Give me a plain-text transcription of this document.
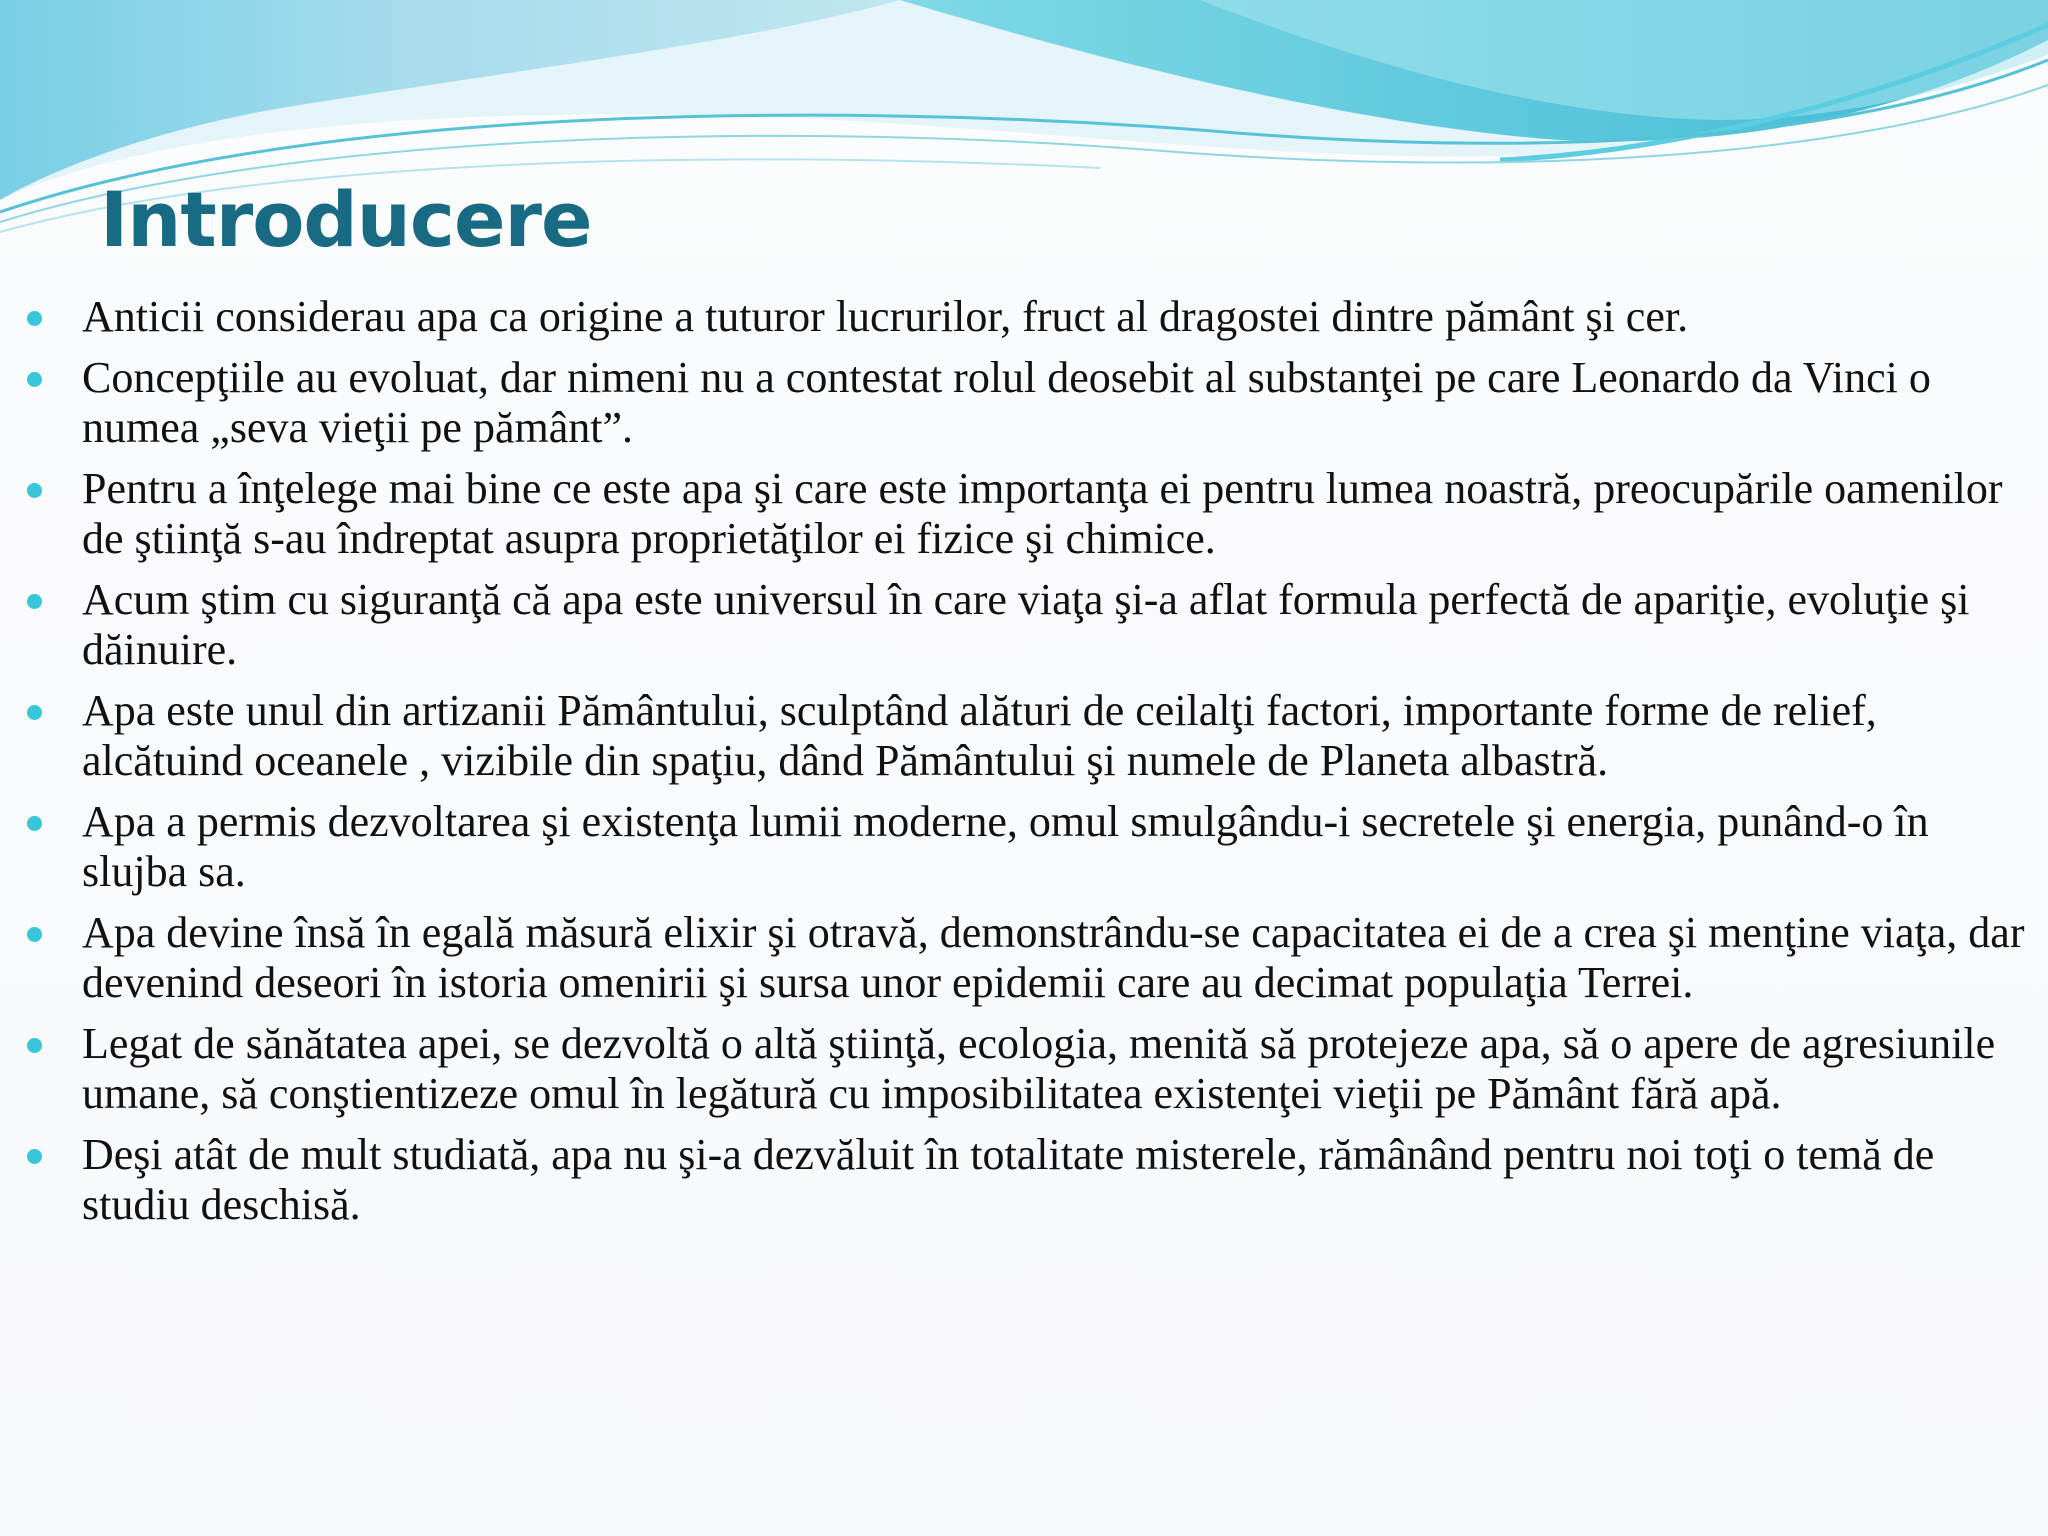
Introducere
Anticii considerau apa ca origine a tuturor lucrurilor, fruct al dragostei dintre pământ şi cer.
Concepţiile au evoluat, dar nimeni nu a contestat rolul deosebit al substanţei pe care Leonardo da Vinci o numea „seva vieţii pe pământ”.
Pentru a înţelege mai bine ce este apa şi care este importanţa ei pentru lumea noastră, preocupările oamenilor de ştiinţă s-au îndreptat asupra proprietăţilor ei fizice şi chimice.
Acum ştim cu siguranţă că apa este universul în care viaţa şi-a aflat formula perfectă de apariţie, evoluţie şi dăinuire.
Apa este unul din artizanii Pământului, sculptând alături de ceilalţi factori, importante forme de relief, alcătuind oceanele , vizibile din spaţiu, dând Pământului şi numele de Planeta albastră.
Apa a permis dezvoltarea şi existenţa lumii moderne, omul smulgându-i secretele şi energia, punând-o în slujba sa.
Apa devine însă în egală măsură elixir şi otravă, demonstrându-se capacitatea ei de a crea şi menţine viaţa, dar devenind deseori în istoria omenirii şi sursa unor epidemii care au decimat populaţia Terrei.
Legat de sănătatea apei, se dezvoltă o altă ştiinţă, ecologia, menită să protejeze apa, să o apere de agresiunile umane, să conştientizeze omul în legătură cu imposibilitatea existenţei vieţii pe Pământ fără apă.
Deşi atât de mult studiată, apa nu şi-a dezvăluit în totalitate misterele, rămânând pentru noi toţi o temă de studiu deschisă.
